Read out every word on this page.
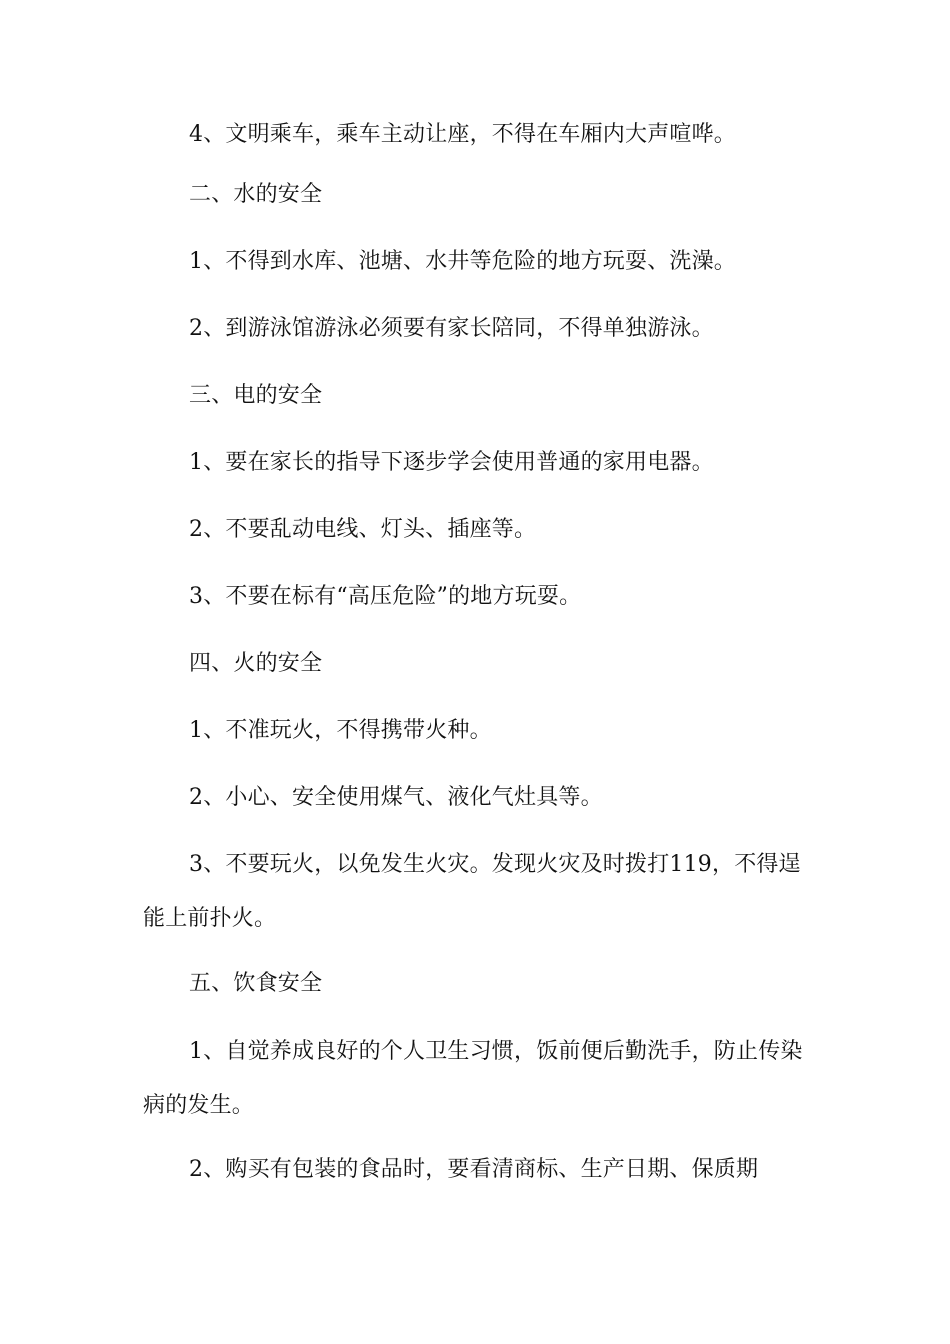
4、文明乘车，乘车主动让座，不得在车厢内大声喧哗。

二、水的安全

1、不得到水库、池塘、水井等危险的地方玩耍、洗澡。

2、到游泳馆游泳必须要有家长陪同，不得单独游泳。

三、电的安全

1、要在家长的指导下逐步学会使用普通的家用电器。

2、不要乱动电线、灯头、插座等。

3、不要在标有“高压危险”的地方玩耍。

四、火的安全

1、不准玩火，不得携带火种。

2、小心、安全使用煤气、液化气灶具等。

3、不要玩火，以免发生火灾。发现火灾及时拨打119，不得逞能上前扑火。

五、饮食安全

1、自觉养成良好的个人卫生习惯，饭前便后勤洗手，防止传染病的发生。

2、购买有包装的食品时，要看清商标、生产日期、保质期
